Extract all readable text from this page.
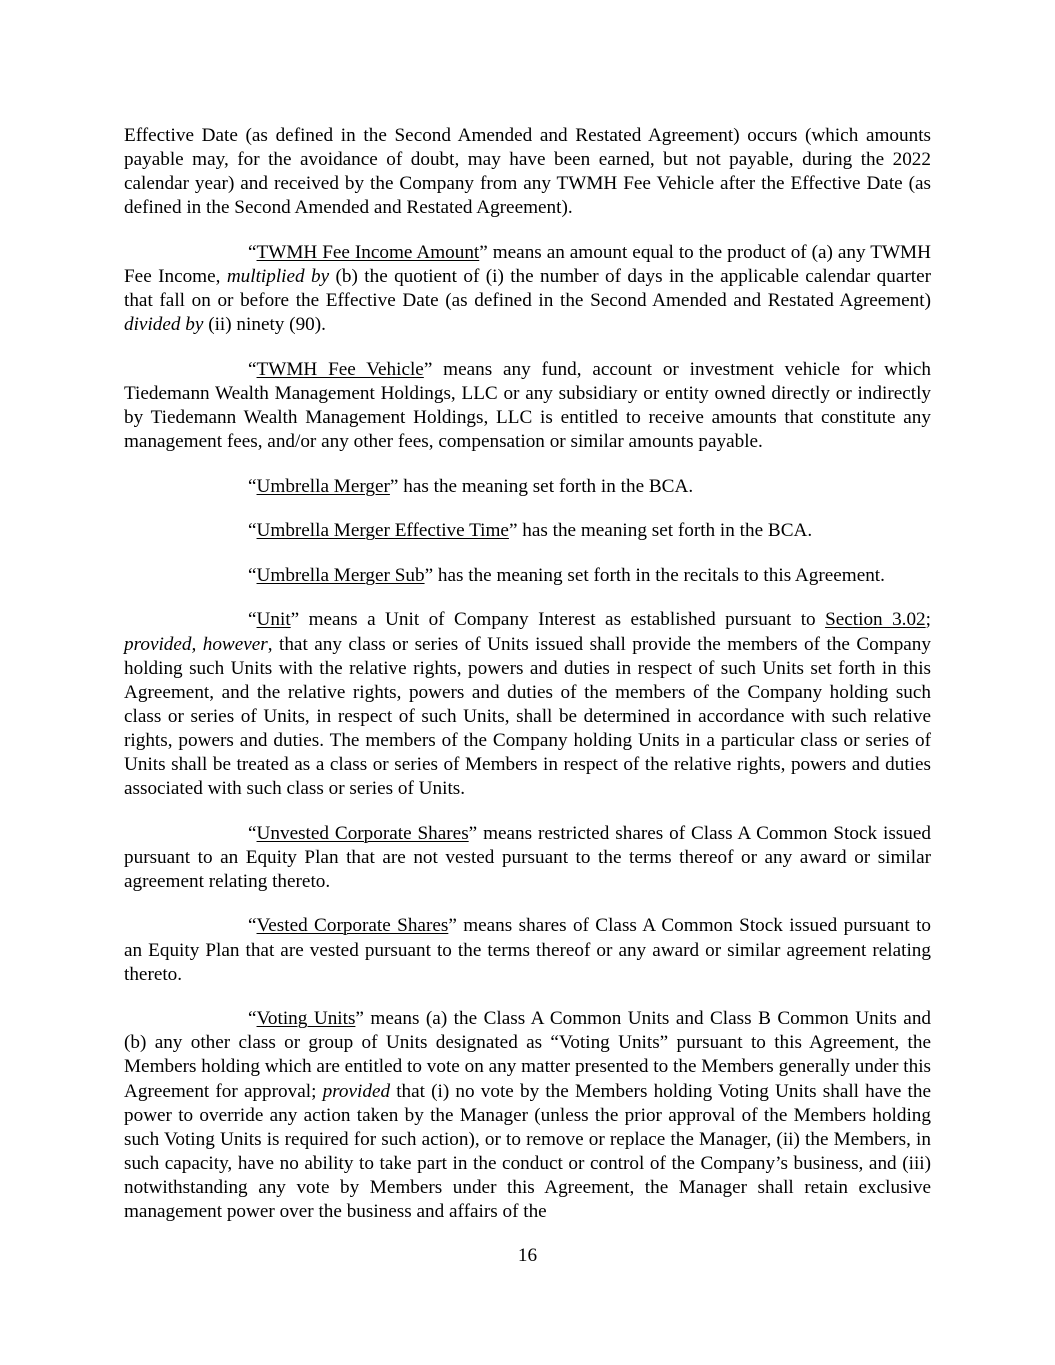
Effective Date (as defined in the Second Amended and Restated Agreement) occurs (which amounts payable may, for the avoidance of doubt, may have been earned, but not payable, during the 2022 calendar year) and received by the Company from any TWMH Fee Vehicle after the Effective Date (as defined in the Second Amended and Restated Agreement).

“TWMH Fee Income Amount” means an amount equal to the product of (a) any TWMH Fee Income, multiplied by (b) the quotient of (i) the number of days in the applicable calendar quarter that fall on or before the Effective Date (as defined in the Second Amended and Restated Agreement) divided by (ii) ninety (90).

“TWMH Fee Vehicle” means any fund, account or investment vehicle for which Tiedemann Wealth Management Holdings, LLC or any subsidiary or entity owned directly or indirectly by Tiedemann Wealth Management Holdings, LLC is entitled to receive amounts that constitute any management fees, and/or any other fees, compensation or similar amounts payable.

“Umbrella Merger” has the meaning set forth in the BCA.

“Umbrella Merger Effective Time” has the meaning set forth in the BCA.

“Umbrella Merger Sub” has the meaning set forth in the recitals to this Agreement.

“Unit” means a Unit of Company Interest as established pursuant to Section 3.02; provided, however, that any class or series of Units issued shall provide the members of the Company holding such Units with the relative rights, powers and duties in respect of such Units set forth in this Agreement, and the relative rights, powers and duties of the members of the Company holding such class or series of Units, in respect of such Units, shall be determined in accordance with such relative rights, powers and duties. The members of the Company holding Units in a particular class or series of Units shall be treated as a class or series of Members in respect of the relative rights, powers and duties associated with such class or series of Units.

“Unvested Corporate Shares” means restricted shares of Class A Common Stock issued pursuant to an Equity Plan that are not vested pursuant to the terms thereof or any award or similar agreement relating thereto.

“Vested Corporate Shares” means shares of Class A Common Stock issued pursuant to an Equity Plan that are vested pursuant to the terms thereof or any award or similar agreement relating thereto.

“Voting Units” means (a) the Class A Common Units and Class B Common Units and (b) any other class or group of Units designated as “Voting Units” pursuant to this Agreement, the Members holding which are entitled to vote on any matter presented to the Members generally under this Agreement for approval; provided that (i) no vote by the Members holding Voting Units shall have the power to override any action taken by the Manager (unless the prior approval of the Members holding such Voting Units is required for such action), or to remove or replace the Manager, (ii) the Members, in such capacity, have no ability to take part in the conduct or control of the Company’s business, and (iii) notwithstanding any vote by Members under this Agreement, the Manager shall retain exclusive management power over the business and affairs of the

16
